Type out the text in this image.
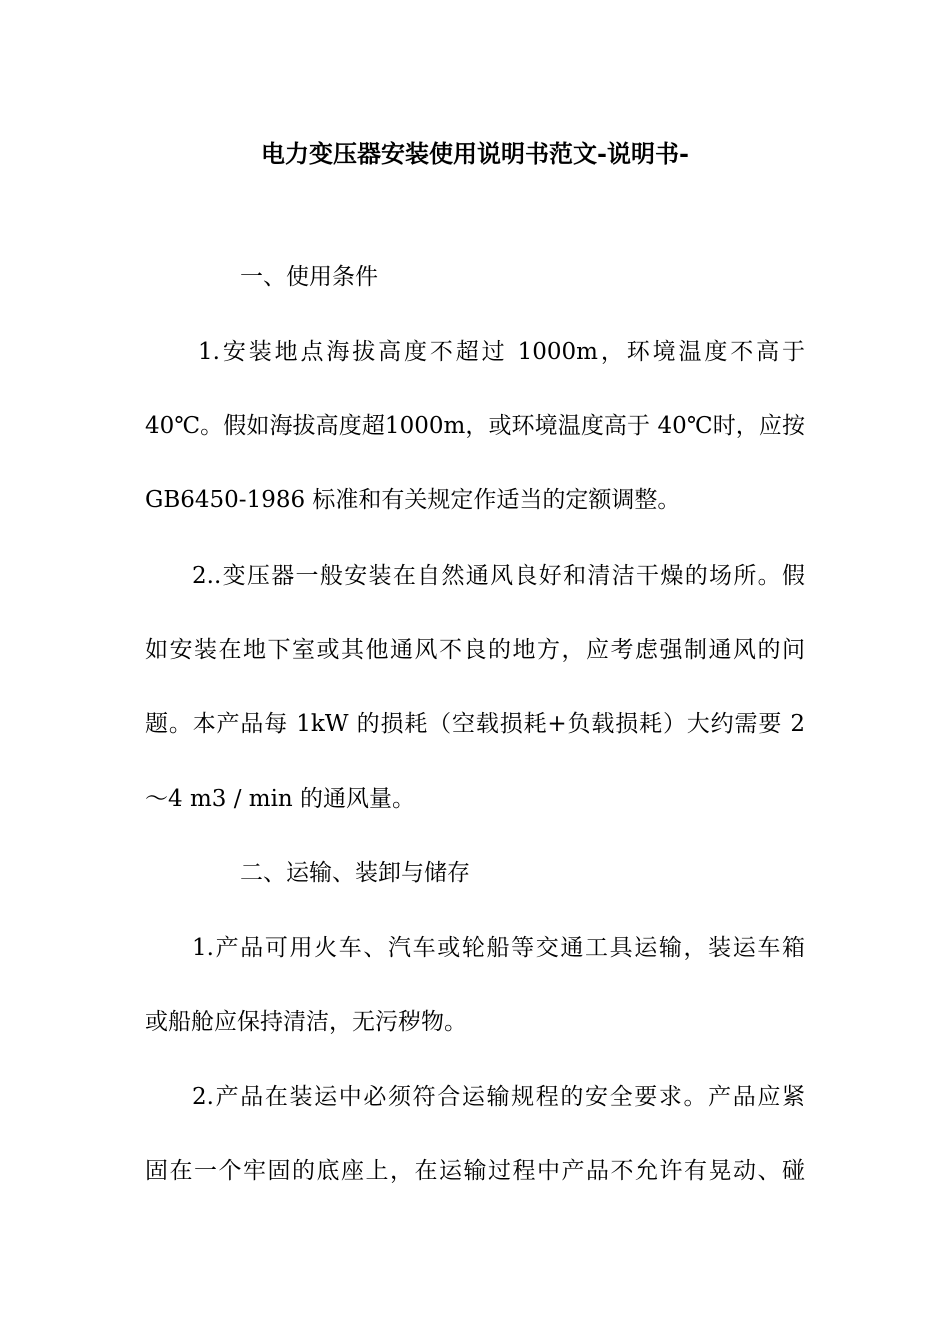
电力变压器安装使用说明书范文-说明书-
一、使用条件
1.安装地点海拔高度不超过 1000m，环境温度不高于
40℃。假如海拔高度超1000m，或环境温度高于 40℃时，应按
GB6450-1986 标准和有关规定作适当的定额调整。
2..变压器一般安装在自然通风良好和清洁干燥的场所。假
如安装在地下室或其他通风不良的地方，应考虑强制通风的问
题。本产品每 1kW 的损耗（空载损耗+负载损耗）大约需要 2
～4 m3 / min 的通风量。
二、运输、装卸与储存
1.产品可用火车、汽车或轮船等交通工具运输，装运车箱
或船舱应保持清洁，无污秽物。
2.产品在装运中必须符合运输规程的安全要求。产品应紧
固在一个牢固的底座上，在运输过程中产品不允许有晃动、碰
